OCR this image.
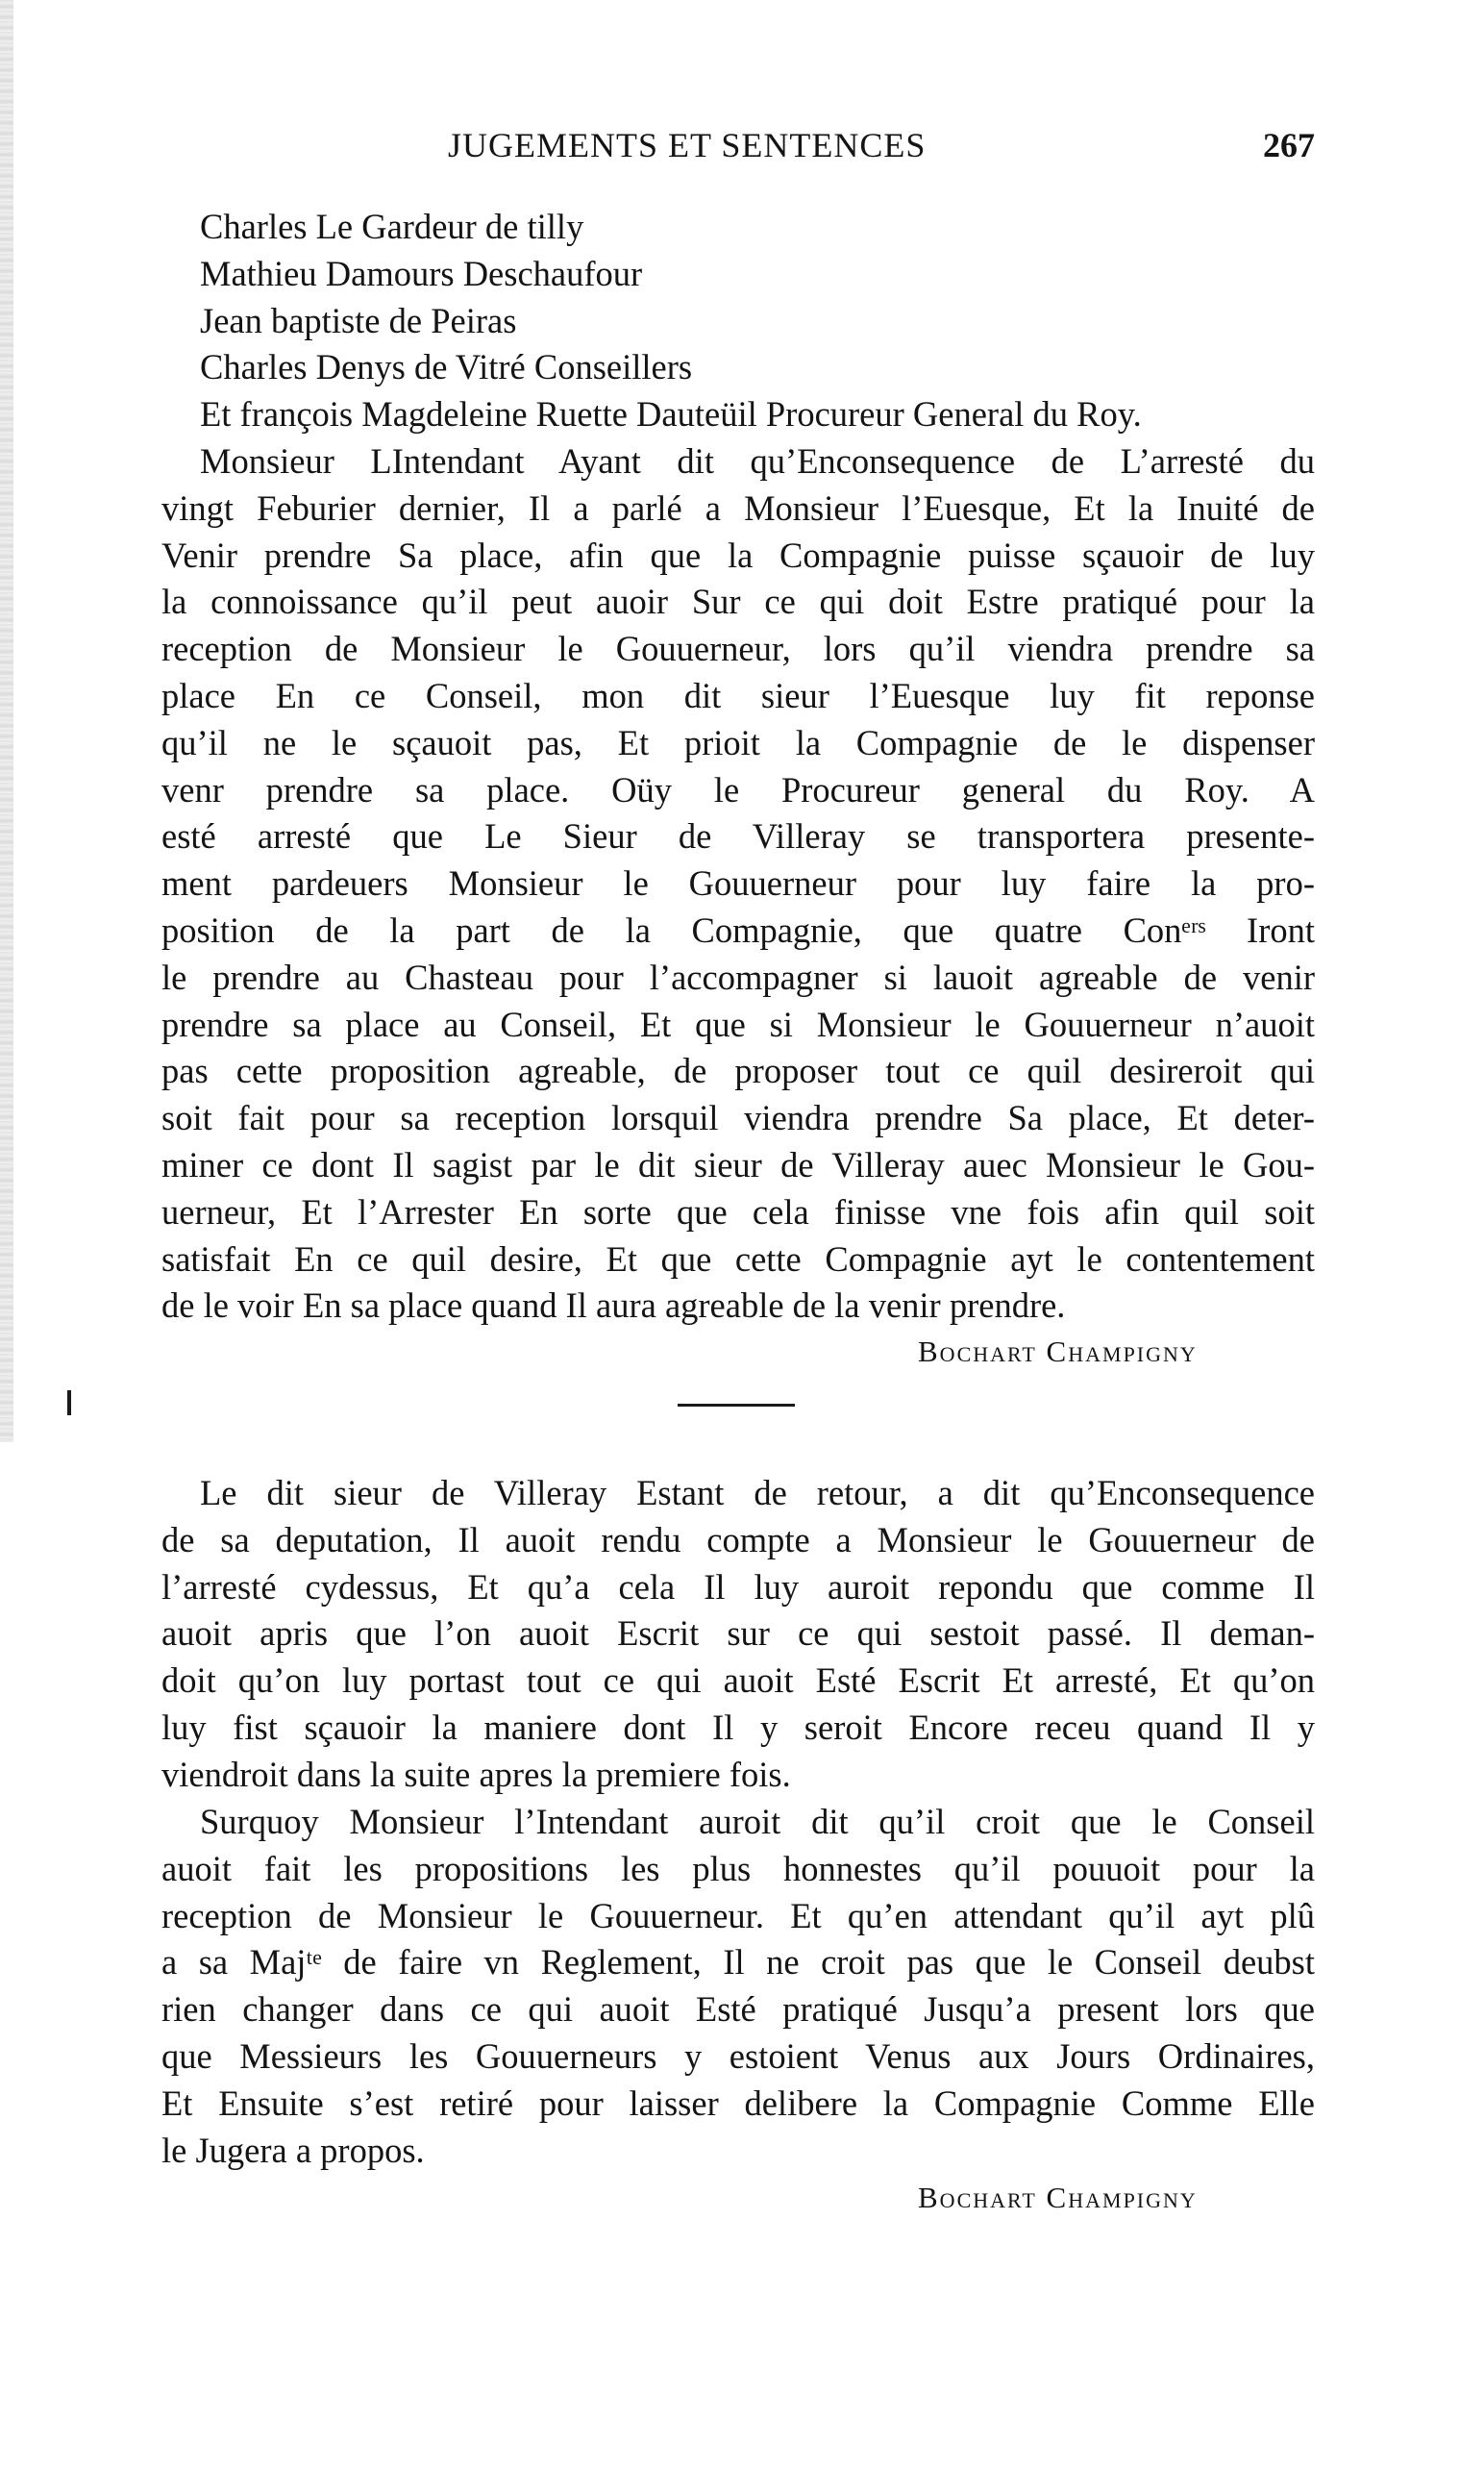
JUGEMENTS ET SENTENCES	267
Charles Le Gardeur de tilly
Mathieu Damours Deschaufour
Jean baptiste de Peiras
Charles Denys de Vitré Conseillers
Et françois Magdeleine Ruette Dauteüil Procureur General du Roy.
Monsieur LIntendant Ayant dit qu’Enconsequence de L’arresté du
vingt Feburier dernier, Il a parlé a Monsieur l’Euesque, Et la Inuité de
Venir prendre Sa place, afin que la Compagnie puisse sçauoir de luy
la connoissance qu’il peut auoir Sur ce qui doit Estre pratiqué pour la
reception de Monsieur le Gouuerneur, lors qu’il viendra prendre sa
place En ce Conseil, mon dit sieur l’Euesque luy fit reponse
qu’il ne le sçauoit pas, Et prioit la Compagnie de le dispenser
venr prendre sa place. Oüy le Procureur general du Roy. A
esté arresté que Le Sieur de Villeray se transportera presente-
ment pardeuers Monsieur le Gouuerneur pour luy faire la pro-
position de la part de la Compagnie, que quatre Conᵉʳˢ Iront
le prendre au Chasteau pour l’accompagner si lauoit agreable de venir
prendre sa place au Conseil, Et que si Monsieur le Gouuerneur n’auoit
pas cette proposition agreable, de proposer tout ce quil desireroit qui
soit fait pour sa reception lorsquil viendra prendre Sa place, Et deter-
miner ce dont Il sagist par le dit sieur de Villeray auec Monsieur le Gou-
uerneur, Et l’Arrester En sorte que cela finisse vne fois afin quil soit
satisfait En ce quil desire, Et que cette Compagnie ayt le contentement
de le voir En sa place quand Il aura agreable de la venir prendre.
Bochart Champigny
Le dit sieur de Villeray Estant de retour, a dit qu’Enconsequence
de sa deputation, Il auoit rendu compte a Monsieur le Gouuerneur de
l’arresté cydessus, Et qu’a cela Il luy auroit repondu que comme Il
auoit apris que l’on auoit Escrit sur ce qui sestoit passé. Il deman-
doit qu’on luy portast tout ce qui auoit Esté Escrit Et arresté, Et qu’on
luy fist sçauoir la maniere dont Il y seroit Encore receu quand Il y
viendroit dans la suite apres la premiere fois.
Surquoy Monsieur l’Intendant auroit dit qu’il croit que le Conseil
auoit fait les propositions les plus honnestes qu’il pouuoit pour la
reception de Monsieur le Gouuerneur. Et qu’en attendant qu’il ayt plû
a sa Majᵗᵉ de faire vn Reglement, Il ne croit pas que le Conseil deubst
rien changer dans ce qui auoit Esté pratiqué Jusqu’a present lors que
que Messieurs les Gouuerneurs y estoient Venus aux Jours Ordinaires,
Et Ensuite s’est retiré pour laisser delibere la Compagnie Comme Elle
le Jugera a propos.
Bochart Champigny
